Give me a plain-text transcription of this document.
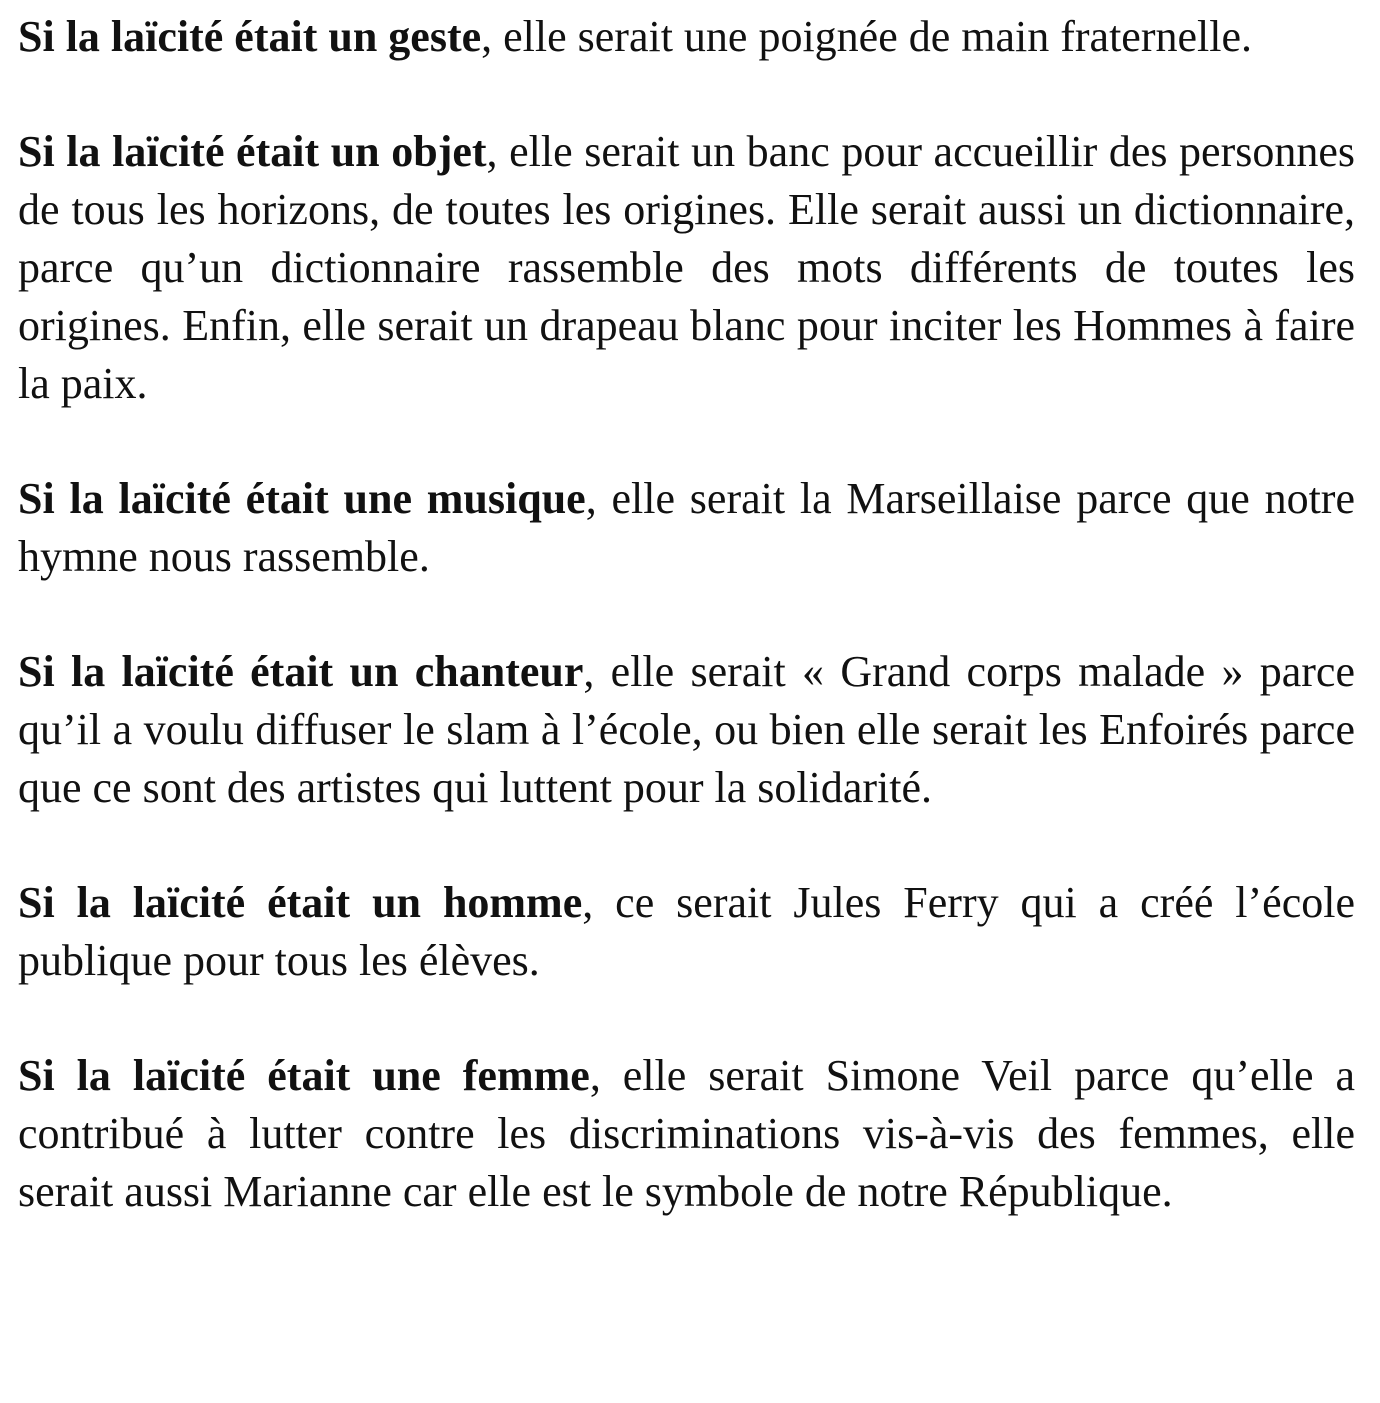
Si la laïcité était un geste, elle serait une poignée de main fraternelle.

Si la laïcité était un objet, elle serait un banc pour accueillir des personnes de tous les horizons, de toutes les origines. Elle serait aussi un dictionnaire, parce qu’un dictionnaire rassemble des mots différents de toutes les origines. Enfin, elle serait un drapeau blanc pour inciter les Hommes à faire la paix.

Si la laïcité était une musique, elle serait la Marseillaise parce que notre hymne nous rassemble.

Si la laïcité était un chanteur, elle serait « Grand corps malade » parce qu’il a voulu diffuser le slam à l’école, ou bien elle serait les Enfoirés parce que ce sont des artistes qui luttent pour la solidarité.

Si la laïcité était un homme, ce serait Jules Ferry qui a créé l’école publique pour tous les élèves.

Si la laïcité était une femme, elle serait Simone Veil parce qu’elle a contribué à lutter contre les discriminations vis-à-vis des femmes, elle serait aussi Marianne car elle est le symbole de notre République.
